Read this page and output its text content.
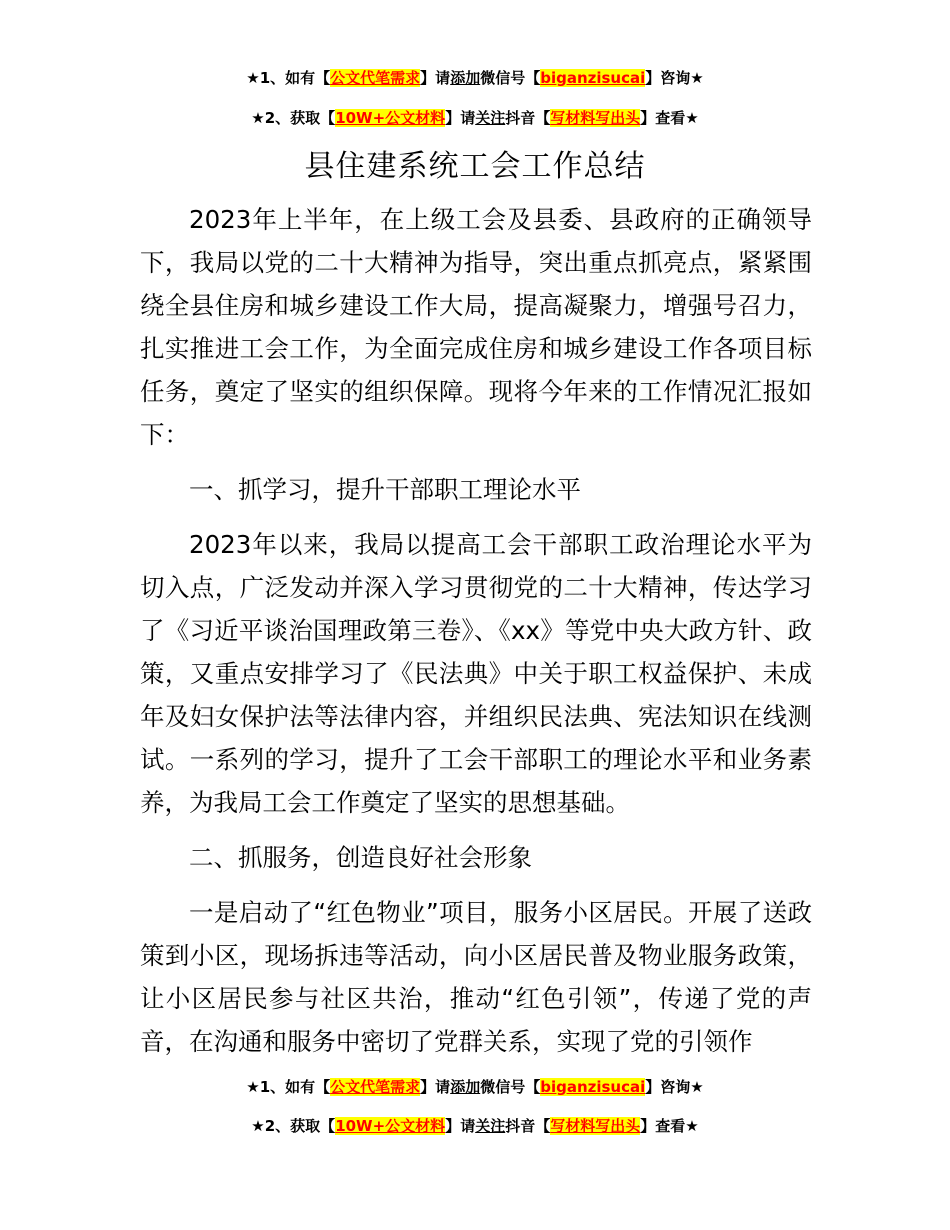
★1、如有【公文代笔需求】请添加微信号【biganzisucai】咨询★
★2、获取【10W+公文材料】请关注抖音【写材料写出头】查看★
县住建系统工会工作总结

2023年上半年，在上级工会及县委、县政府的正确领导下，我局以党的二十大精神为指导，突出重点抓亮点，紧紧围绕全县住房和城乡建设工作大局，提高凝聚力，增强号召力，扎实推进工会工作，为全面完成住房和城乡建设工作各项目标任务，奠定了坚实的组织保障。现将今年来的工作情况汇报如下：

一、抓学习，提升干部职工理论水平

2023年以来，我局以提高工会干部职工政治理论水平为切入点，广泛发动并深入学习贯彻党的二十大精神，传达学习了《习近平谈治国理政第三卷》、《xx》等党中央大政方针、政策，又重点安排学习了《民法典》中关于职工权益保护、未成年及妇女保护法等法律内容，并组织民法典、宪法知识在线测试。一系列的学习，提升了工会干部职工的理论水平和业务素养，为我局工会工作奠定了坚实的思想基础。

二、抓服务，创造良好社会形象

一是启动了“红色物业”项目，服务小区居民。开展了送政策到小区，现场拆违等活动，向小区居民普及物业服务政策，让小区居民参与社区共治，推动“红色引领”，传递了党的声音，在沟通和服务中密切了党群关系，实现了党的引领作

★1、如有【公文代笔需求】请添加微信号【biganzisucai】咨询★
★2、获取【10W+公文材料】请关注抖音【写材料写出头】查看★
